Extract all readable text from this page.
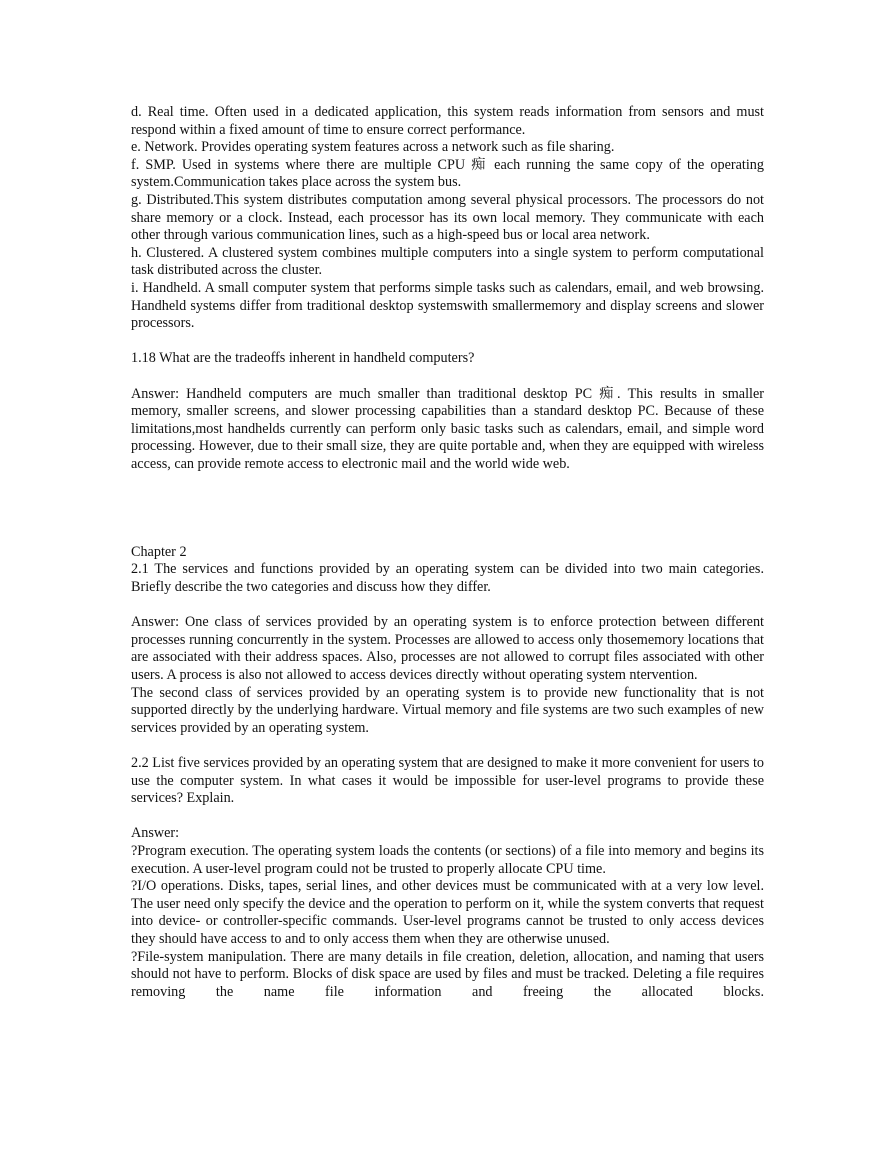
d. Real time. Often used in a dedicated application, this system reads information from sensors and must respond within a fixed amount of time to ensure correct performance.

e. Network. Provides operating system features across a network such as file sharing.

f. SMP. Used in systems where there are multiple CPU 痴 each running the same copy of the operating system.Communication takes place across the system bus.

g. Distributed.This system distributes computation among several physical processors. The processors do not share memory or a clock. Instead, each processor has its own local memory. They communicate with each other through various communication lines, such as a high-speed bus or local area network.

h. Clustered. A clustered system combines multiple computers into a single system to perform computational task distributed across the cluster.

i. Handheld. A small computer system that performs simple tasks such as calendars, email, and web browsing. Handheld systems differ from traditional desktop systemswith smallermemory and display screens and slower processors.

1.18 What are the tradeoffs inherent in handheld computers?

Answer: Handheld computers are much smaller than traditional desktop PC 痴. This results in smaller memory, smaller screens, and slower processing capabilities than a standard desktop PC. Because of these limitations,most handhelds currently can perform only basic tasks such as calendars, email, and simple word processing. However, due to their small size, they are quite portable and, when they are equipped with wireless access, can provide remote access to electronic mail and the world wide web.

Chapter 2

2.1 The services and functions provided by an operating system can be divided into two main categories. Briefly describe the two categories and discuss how they differ.

Answer: One class of services provided by an operating system is to enforce protection between different processes running concurrently in the system. Processes are allowed to access only thosememory locations that are associated with their address spaces. Also, processes are not allowed to corrupt files associated with other users. A process is also not allowed to access devices directly without operating system ntervention.

The second class of services provided by an operating system is to provide new functionality that is not supported directly by the underlying hardware. Virtual memory and file systems are two such examples of new services provided by an operating system.

2.2 List five services provided by an operating system that are designed to make it more convenient for users to use the computer system. In what cases it would be impossible for user-level programs to provide these services? Explain.

Answer:

?Program execution. The operating system loads the contents (or sections) of a file into memory and begins its execution. A user-level program could not be trusted to properly allocate CPU time.

?I/O operations. Disks, tapes, serial lines, and other devices must be communicated with at a very low level. The user need only specify the device and the operation to perform on it, while the system converts that request into device- or controller-specific commands. User-level programs cannot be trusted to only access devices they should have access to and to only access them when they are otherwise unused.

?File-system manipulation. There are many details in file creation, deletion, allocation, and naming that users should not have to perform. Blocks of disk space are used by files and must be tracked. Deleting a file requires removing the name file information and freeing the allocated blocks.
